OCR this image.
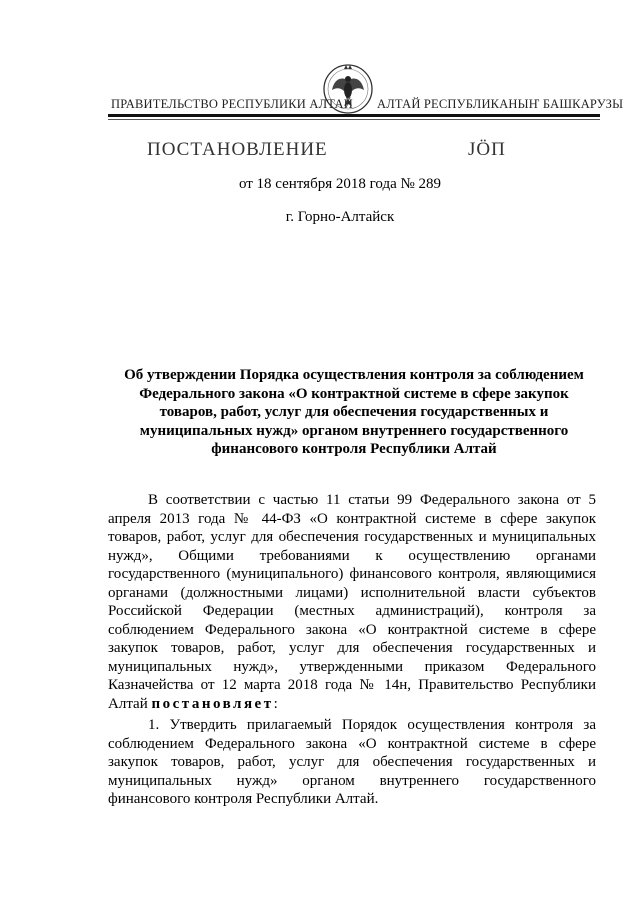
ПРАВИТЕЛЬСТВО РЕСПУБЛИКИ АЛТАЙ АЛТАЙ РЕСПУБЛИКАНЫҤ БАШКАРУЗЫ
ПОСТАНОВЛЕНИЕ	ЈӦП
от 18 сентября 2018 года № 289
г. Горно-Алтайск
Об утверждении Порядка осуществления контроля за соблюдением Федерального закона «О контрактной системе в сфере закупок товаров, работ, услуг для обеспечения государственных и муниципальных нужд» органом внутреннего государственного финансового контроля Республики Алтай

В соответствии с частью 11 статьи 99 Федерального закона от 5 апреля 2013 года № 44-ФЗ «О контрактной системе в сфере закупок товаров, работ, услуг для обеспечения государственных и муниципальных нужд», Общими требованиями к осуществлению органами государственного (муниципального) финансового контроля, являющимися органами (должностными лицами) исполнительной власти субъектов Российской Федерации (местных администраций), контроля за соблюдением Федерального закона «О контрактной системе в сфере закупок товаров, работ, услуг для обеспечения государственных и муниципальных нужд», утвержденными приказом Федерального Казначейства от 12 марта 2018 года № 14н, Правительство Республики Алтай постановляет:

1. Утвердить прилагаемый Порядок осуществления контроля за соблюдением Федерального закона «О контрактной системе в сфере закупок товаров, работ, услуг для обеспечения государственных и муниципальных нужд» органом внутреннего государственного финансового контроля Республики Алтай.
